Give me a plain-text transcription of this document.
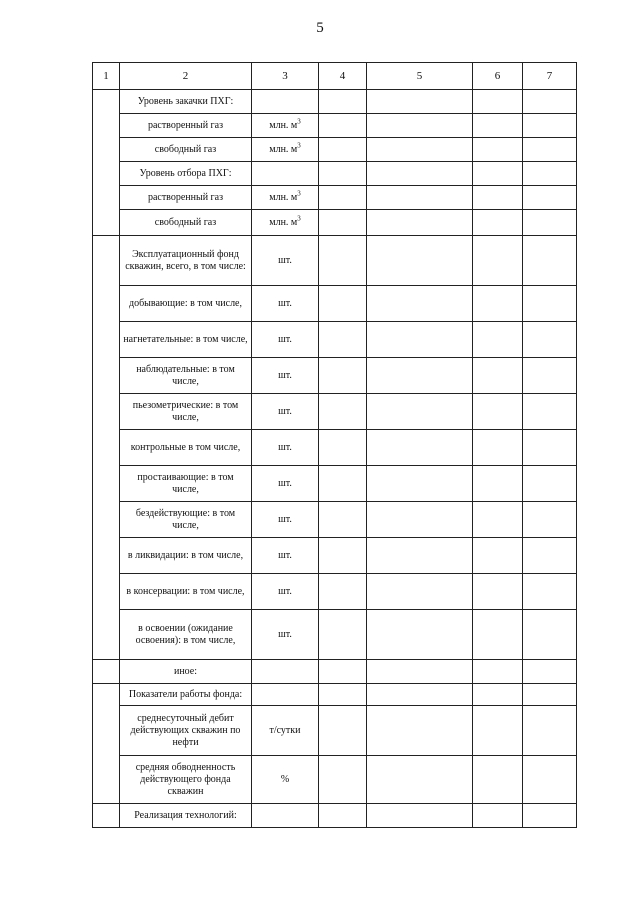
5
1	2	3	4	5	6	7
	Уровень закачки ПХГ:					
	растворенный газ	млн. $м^3$				
	свободный газ	млн. $м^3$				
	Уровень отбора ПХГ:					
	растворенный газ	млн. $м^3$				
	свободный газ	млн. $м^3$				
	Эксплуатационный фонд скважин, всего, в том числе:	шт.				
	добывающие: в том числе,	шт.				
	нагнетательные: в том числе,	шт.				
	наблюдательные: в том числе,	шт.				
	пьезометрические: в том числе,	шт.				
	контрольные в том числе,	шт.				
	простаивающие: в том числе,	шт.				
	бездействующие: в том числе,	шт.				
	в ликвидации: в том числе,	шт.				
	в консервации: в том числе,	шт.				
	в освоении (ожидание освоения): в том числе,	шт.				
	иное:					
	Показатели работы фонда:					
	среднесуточный дебит действующих скважин по нефти	т/сутки				
	средняя обводненность действующего фонда скважин	%				
	Реализация технологий:					
